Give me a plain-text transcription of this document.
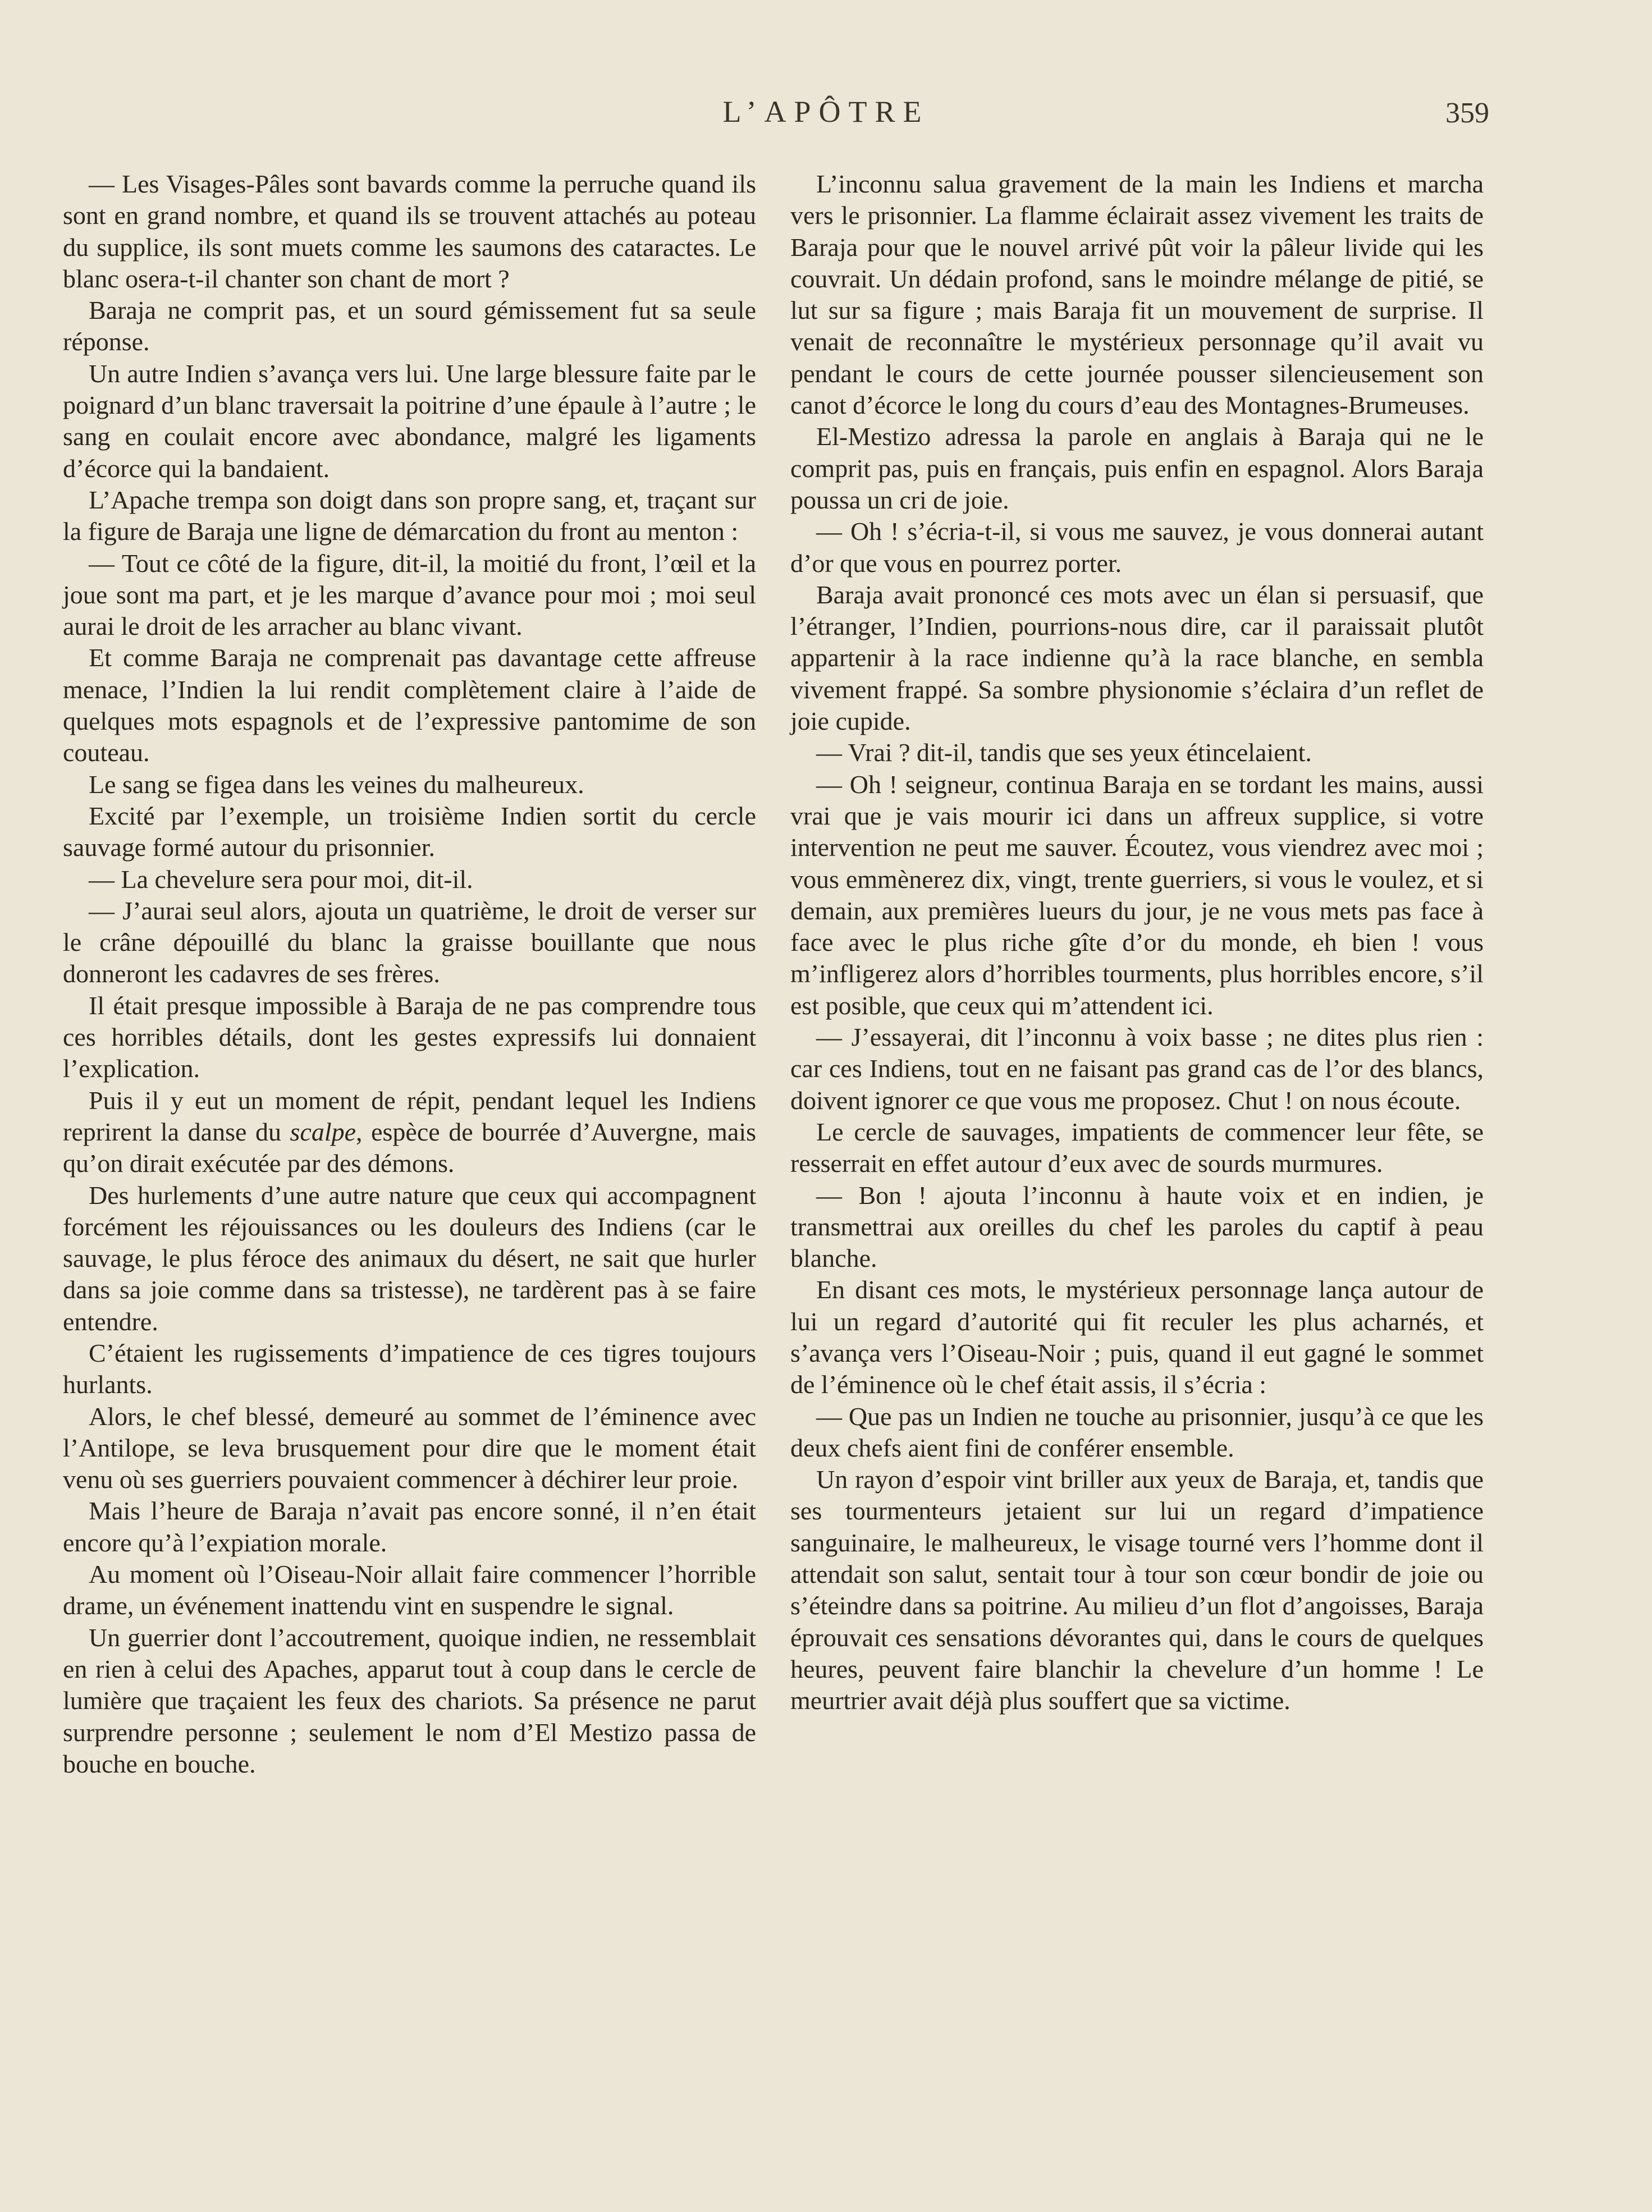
L’APÔTRE	359

— Les Visages-Pâles sont bavards comme la perruche quand ils sont en grand nombre, et quand ils se trouvent attachés au poteau du supplice, ils sont muets comme les saumons des cataractes. Le blanc osera-t-il chanter son chant de mort ?

Baraja ne comprit pas, et un sourd gémissement fut sa seule réponse.

Un autre Indien s’avança vers lui. Une large blessure faite par le poignard d’un blanc traversait la poitrine d’une épaule à l’autre ; le sang en coulait encore avec abondance, malgré les ligaments d’écorce qui la bandaient.

L’Apache trempa son doigt dans son propre sang, et, traçant sur la figure de Baraja une ligne de démarcation du front au menton :

— Tout ce côté de la figure, dit-il, la moitié du front, l’œil et la joue sont ma part, et je les marque d’avance pour moi ; moi seul aurai le droit de les arracher au blanc vivant.

Et comme Baraja ne comprenait pas davantage cette affreuse menace, l’Indien la lui rendit complètement claire à l’aide de quelques mots espagnols et de l’expressive pantomime de son couteau.

Le sang se figea dans les veines du malheureux.

Excité par l’exemple, un troisième Indien sortit du cercle sauvage formé autour du prisonnier.

— La chevelure sera pour moi, dit-il.

— J’aurai seul alors, ajouta un quatrième, le droit de verser sur le crâne dépouillé du blanc la graisse bouillante que nous donneront les cadavres de ses frères.

Il était presque impossible à Baraja de ne pas comprendre tous ces horribles détails, dont les gestes expressifs lui donnaient l’explication.

Puis il y eut un moment de répit, pendant lequel les Indiens reprirent la danse du scalpe, espèce de bourrée d’Auvergne, mais qu’on dirait exécutée par des démons.

Des hurlements d’une autre nature que ceux qui accompagnent forcément les réjouissances ou les douleurs des Indiens (car le sauvage, le plus féroce des animaux du désert, ne sait que hurler dans sa joie comme dans sa tristesse), ne tardèrent pas à se faire entendre.

C’étaient les rugissements d’impatience de ces tigres toujours hurlants.

Alors, le chef blessé, demeuré au sommet de l’éminence avec l’Antilope, se leva brusquement pour dire que le moment était venu où ses guerriers pouvaient commencer à déchirer leur proie.

Mais l’heure de Baraja n’avait pas encore sonné, il n’en était encore qu’à l’expiation morale.

Au moment où l’Oiseau-Noir allait faire commencer l’horrible drame, un événement inattendu vint en suspendre le signal.

Un guerrier dont l’accoutrement, quoique indien, ne ressemblait en rien à celui des Apaches, apparut tout à coup dans le cercle de lumière que traçaient les feux des chariots. Sa présence ne parut surprendre personne ; seulement le nom d’El Mestizo passa de bouche en bouche.

L’inconnu salua gravement de la main les Indiens et marcha vers le prisonnier. La flamme éclairait assez vivement les traits de Baraja pour que le nouvel arrivé pût voir la pâleur livide qui les couvrait. Un dédain profond, sans le moindre mélange de pitié, se lut sur sa figure ; mais Baraja fit un mouvement de surprise. Il venait de reconnaître le mystérieux personnage qu’il avait vu pendant le cours de cette journée pousser silencieusement son canot d’écorce le long du cours d’eau des Montagnes-Brumeuses.

El-Mestizo adressa la parole en anglais à Baraja qui ne le comprit pas, puis en français, puis enfin en espagnol. Alors Baraja poussa un cri de joie.

— Oh ! s’écria-t-il, si vous me sauvez, je vous donnerai autant d’or que vous en pourrez porter.

Baraja avait prononcé ces mots avec un élan si persuasif, que l’étranger, l’Indien, pourrions-nous dire, car il paraissait plutôt appartenir à la race indienne qu’à la race blanche, en sembla vivement frappé. Sa sombre physionomie s’éclaira d’un reflet de joie cupide.

— Vrai ? dit-il, tandis que ses yeux étincelaient.

— Oh ! seigneur, continua Baraja en se tordant les mains, aussi vrai que je vais mourir ici dans un affreux supplice, si votre intervention ne peut me sauver. Écoutez, vous viendrez avec moi ; vous emmènerez dix, vingt, trente guerriers, si vous le voulez, et si demain, aux premières lueurs du jour, je ne vous mets pas face à face avec le plus riche gîte d’or du monde, eh bien ! vous m’infligerez alors d’horribles tourments, plus horribles encore, s’il est posible, que ceux qui m’attendent ici.

— J’essayerai, dit l’inconnu à voix basse ; ne dites plus rien : car ces Indiens, tout en ne faisant pas grand cas de l’or des blancs, doivent ignorer ce que vous me proposez. Chut ! on nous écoute.

Le cercle de sauvages, impatients de commencer leur fête, se resserrait en effet autour d’eux avec de sourds murmures.

— Bon ! ajouta l’inconnu à haute voix et en indien, je transmettrai aux oreilles du chef les paroles du captif à peau blanche.

En disant ces mots, le mystérieux personnage lança autour de lui un regard d’autorité qui fit reculer les plus acharnés, et s’avança vers l’Oiseau-Noir ; puis, quand il eut gagné le sommet de l’éminence où le chef était assis, il s’écria :

— Que pas un Indien ne touche au prisonnier, jusqu’à ce que les deux chefs aient fini de conférer ensemble.

Un rayon d’espoir vint briller aux yeux de Baraja, et, tandis que ses tourmenteurs jetaient sur lui un regard d’impatience sanguinaire, le malheureux, le visage tourné vers l’homme dont il attendait son salut, sentait tour à tour son cœur bondir de joie ou s’éteindre dans sa poitrine. Au milieu d’un flot d’angoisses, Baraja éprouvait ces sensations dévorantes qui, dans le cours de quelques heures, peuvent faire blanchir la chevelure d’un homme ! Le meurtrier avait déjà plus souffert que sa victime.
